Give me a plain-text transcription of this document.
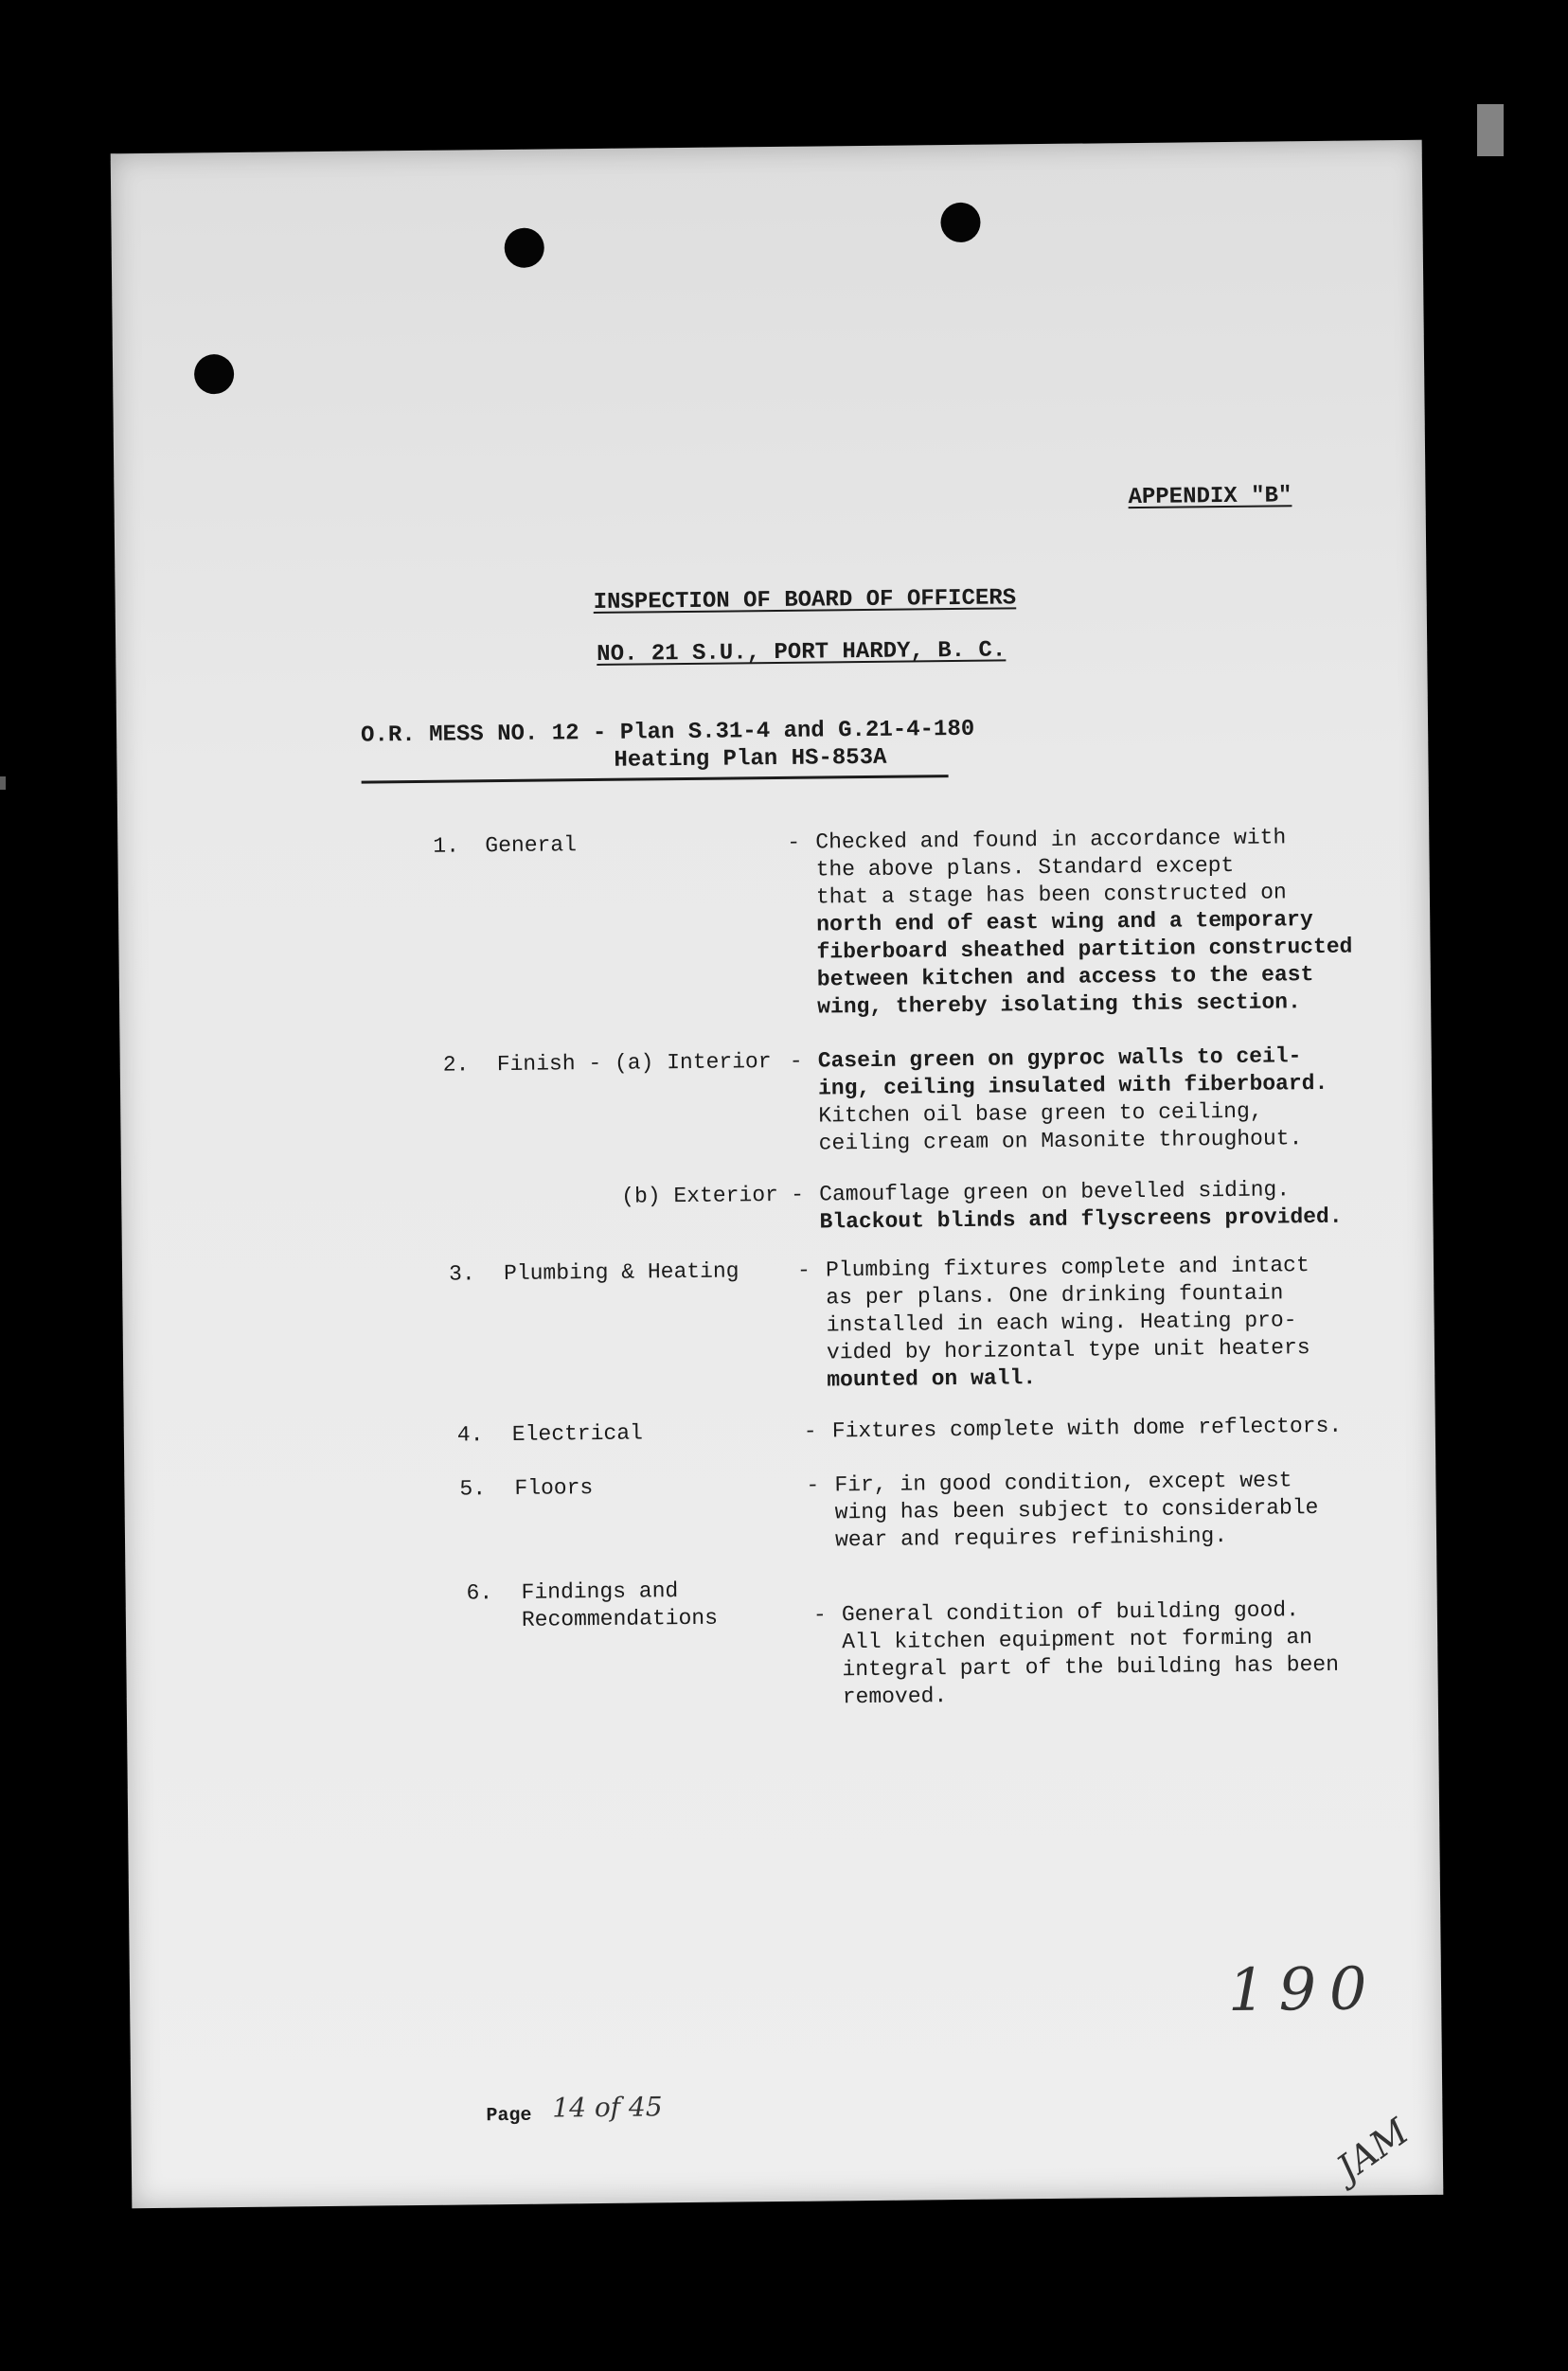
APPENDIX "B"
INSPECTION OF BOARD OF OFFICERS
NO. 21 S.U., PORT HARDY, B. C.
O.R. MESS NO. 12 - Plan S.31-4 and G.21-4-180
Heating Plan HS-853A
1. General	- Checked and found in accordance with
the above plans. Standard except
that a stage has been constructed on
north end of east wing and a temporary
fiberboard sheathed partition constructed
between kitchen and access to the east
wing, thereby isolating this section.
2. Finish - (a) Interior - Casein green on gyproc walls to ceil-
ing, ceiling insulated with fiberboard.
Kitchen oil base green to ceiling,
ceiling cream on Masonite throughout.
(b) Exterior - Camouflage green on bevelled siding.
Blackout blinds and flyscreens provided.
3. Plumbing & Heating	- Plumbing fixtures complete and intact
as per plans. One drinking fountain
installed in each wing. Heating pro-
vided by horizontal type unit heaters
mounted on wall.
4. Electrical	- Fixtures complete with dome reflectors.
5. Floors	- Fir, in good condition, except west
wing has been subject to considerable
wear and requires refinishing.
6. Findings and
Recommendations	- General condition of building good.
All kitchen equipment not forming an
integral part of the building has been
removed.
190
Page 14 of 45
JAM
